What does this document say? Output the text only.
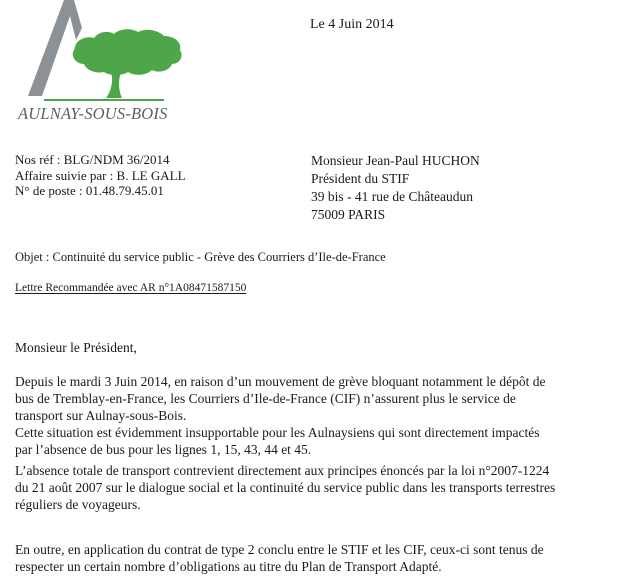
AULNAY-SOUS-BOIS
Le 4 Juin 2014
Nos réf : BLG/NDM 36/2014
Affaire suivie par : B. LE GALL
N° de poste : 01.48.79.45.01
Monsieur Jean-Paul HUCHON
Président du STIF
39 bis - 41 rue de Châteaudun
75009 PARIS
Objet : Continuité du service public - Grève des Courriers d’Ile-de-France
Lettre Recommandée avec AR n°1A08471587150
Monsieur le Président,
Depuis le mardi 3 Juin 2014, en raison d’un mouvement de grève bloquant notamment le dépôt de
bus de Tremblay-en-France, les Courriers d’Ile-de-France (CIF) n’assurent plus le service de
transport sur Aulnay-sous-Bois.
Cette situation est évidemment insupportable pour les Aulnaysiens qui sont directement impactés
par l’absence de bus pour les lignes 1, 15, 43, 44 et 45.
L’absence totale de transport contrevient directement aux principes énoncés par la loi n°2007-1224
du 21 août 2007 sur le dialogue social et la continuité du service public dans les transports terrestres
réguliers de voyageurs.
En outre, en application du contrat de type 2 conclu entre le STIF et les CIF, ceux-ci sont tenus de
respecter un certain nombre d’obligations au titre du Plan de Transport Adapté.
